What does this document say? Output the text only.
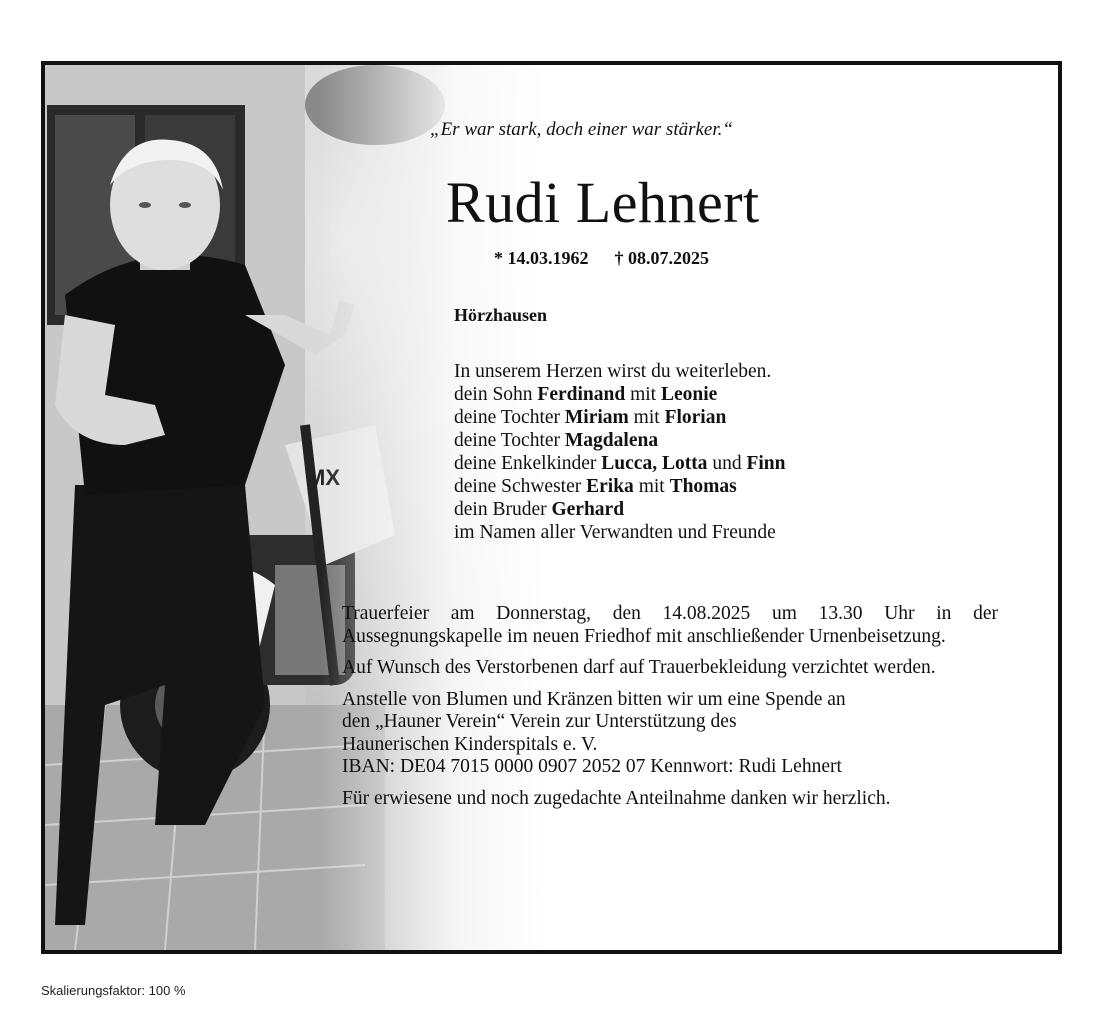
„Er war stark, doch einer war stärker.“
Rudi Lehnert
* 14.03.1962 † 08.07.2025
Hörzhausen
In unserem Herzen wirst du weiterleben.
dein Sohn Ferdinand mit Leonie
deine Tochter Miriam mit Florian
deine Tochter Magdalena
deine Enkelkinder Lucca, Lotta und Finn
deine Schwester Erika mit Thomas
dein Bruder Gerhard
im Namen aller Verwandten und Freunde

Trauerfeier am Donnerstag, den 14.08.2025 um 13.30 Uhr in der Aussegnungskapelle im neuen Friedhof mit anschließender Urnenbeisetzung.

Auf Wunsch des Verstorbenen darf auf Trauerbekleidung verzichtet werden.

Anstelle von Blumen und Kränzen bitten wir um eine Spende an
den „Hauner Verein“ Verein zur Unterstützung des
Haunerischen Kinderspitals e. V.
IBAN: DE04 7015 0000 0907 2052 07 Kennwort: Rudi Lehnert

Für erwiesene und noch zugedachte Anteilnahme danken wir herzlich.

Skalierungsfaktor: 100 %
